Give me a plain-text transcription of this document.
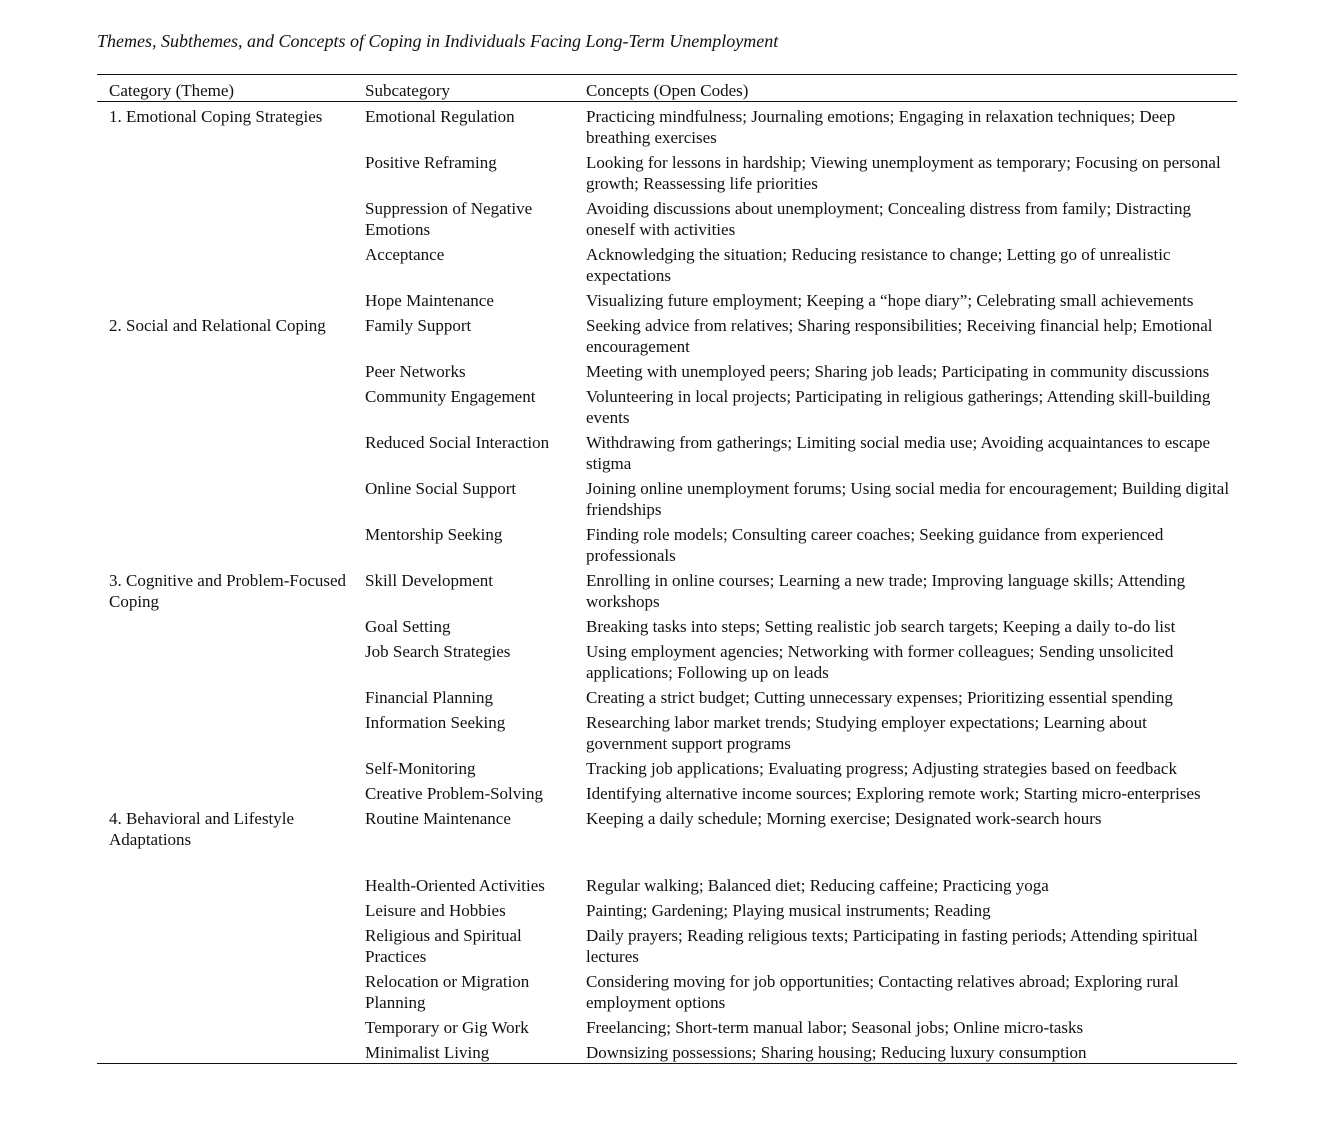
Themes, Subthemes, and Concepts of Coping in Individuals Facing Long-Term Unemployment
Category (Theme)	Subcategory	Concepts (Open Codes)
1. Emotional Coping Strategies	Emotional Regulation	Practicing mindfulness; Journaling emotions; Engaging in relaxation techniques; Deep breathing exercises
	Positive Reframing	Looking for lessons in hardship; Viewing unemployment as temporary; Focusing on personal growth; Reassessing life priorities
	Suppression of Negative Emotions	Avoiding discussions about unemployment; Concealing distress from family; Distracting oneself with activities
	Acceptance	Acknowledging the situation; Reducing resistance to change; Letting go of unrealistic expectations
	Hope Maintenance	Visualizing future employment; Keeping a “hope diary”; Celebrating small achievements
2. Social and Relational Coping	Family Support	Seeking advice from relatives; Sharing responsibilities; Receiving financial help; Emotional encouragement
	Peer Networks	Meeting with unemployed peers; Sharing job leads; Participating in community discussions
	Community Engagement	Volunteering in local projects; Participating in religious gatherings; Attending skill-building events
	Reduced Social Interaction	Withdrawing from gatherings; Limiting social media use; Avoiding acquaintances to escape stigma
	Online Social Support	Joining online unemployment forums; Using social media for encouragement; Building digital friendships
	Mentorship Seeking	Finding role models; Consulting career coaches; Seeking guidance from experienced professionals
3. Cognitive and Problem-Focused Coping	Skill Development	Enrolling in online courses; Learning a new trade; Improving language skills; Attending workshops
	Goal Setting	Breaking tasks into steps; Setting realistic job search targets; Keeping a daily to-do list
	Job Search Strategies	Using employment agencies; Networking with former colleagues; Sending unsolicited applications; Following up on leads
	Financial Planning	Creating a strict budget; Cutting unnecessary expenses; Prioritizing essential spending
	Information Seeking	Researching labor market trends; Studying employer expectations; Learning about government support programs
	Self-Monitoring	Tracking job applications; Evaluating progress; Adjusting strategies based on feedback
	Creative Problem-Solving	Identifying alternative income sources; Exploring remote work; Starting micro-enterprises
4. Behavioral and Lifestyle Adaptations	Routine Maintenance	Keeping a daily schedule; Morning exercise; Designated work-search hours
	Health-Oriented Activities	Regular walking; Balanced diet; Reducing caffeine; Practicing yoga
	Leisure and Hobbies	Painting; Gardening; Playing musical instruments; Reading
	Religious and Spiritual Practices	Daily prayers; Reading religious texts; Participating in fasting periods; Attending spiritual lectures
	Relocation or Migration Planning	Considering moving for job opportunities; Contacting relatives abroad; Exploring rural employment options
	Temporary or Gig Work	Freelancing; Short-term manual labor; Seasonal jobs; Online micro-tasks
	Minimalist Living	Downsizing possessions; Sharing housing; Reducing luxury consumption
